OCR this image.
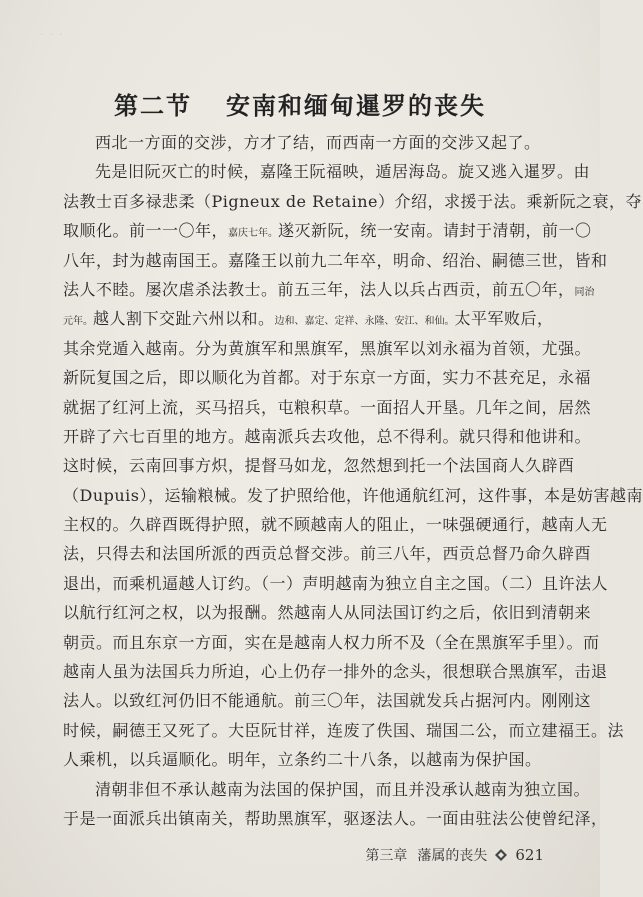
ᐧ ᐧ ᐧ
第二节 安南和缅甸暹罗的丧失
西北一方面的交涉，方才了结，而西南一方面的交涉又起了。
先是旧阮灭亡的时候，嘉隆王阮福映，遁居海岛。旋又逃入暹罗。由
法教士百多禄悲柔（Pigneux de Retaine）介绍，求援于法。乘新阮之衰，夺
取顺化。前一一〇年，嘉庆七年。遂灭新阮，统一安南。请封于清朝，前一〇
八年，封为越南国王。嘉隆王以前九二年卒，明命、绍治、嗣德三世，皆和
法人不睦。屡次虐杀法教士。前五三年，法人以兵占西贡，前五〇年，同治
元年。越人割下交趾六州以和。边和、嘉定、定祥、永隆、安江、和仙。太平军败后，
其余党遁入越南。分为黄旗军和黑旗军，黑旗军以刘永福为首领，尤强。
新阮复国之后，即以顺化为首都。对于东京一方面，实力不甚充足，永福
就据了红河上流，买马招兵，屯粮积草。一面招人开垦。几年之间，居然
开辟了六七百里的地方。越南派兵去攻他，总不得利。就只得和他讲和。
这时候，云南回事方炽，提督马如龙，忽然想到托一个法国商人久辟酉
（Dupuis），运输粮械。发了护照给他，许他通航红河，这件事，本是妨害越南
主权的。久辟酉既得护照，就不顾越南人的阻止，一味强硬通行，越南人无
法，只得去和法国所派的西贡总督交涉。前三八年，西贡总督乃命久辟酉
退出，而乘机逼越人订约。（一）声明越南为独立自主之国。（二）且许法人
以航行红河之权，以为报酬。然越南人从同法国订约之后，依旧到清朝来
朝贡。而且东京一方面，实在是越南人权力所不及（全在黑旗军手里）。而
越南人虽为法国兵力所迫，心上仍存一排外的念头，很想联合黑旗军，击退
法人。以致红河仍旧不能通航。前三〇年，法国就发兵占据河内。刚刚这
时候，嗣德王又死了。大臣阮甘祥，连废了佚国、瑞国二公，而立建福王。法
人乘机，以兵逼顺化。明年，立条约二十八条，以越南为保护国。
清朝非但不承认越南为法国的保护国，而且并没承认越南为独立国。
于是一面派兵出镇南关，帮助黑旗军，驱逐法人。一面由驻法公使曾纪泽，
第三章 藩属的丧失 621
